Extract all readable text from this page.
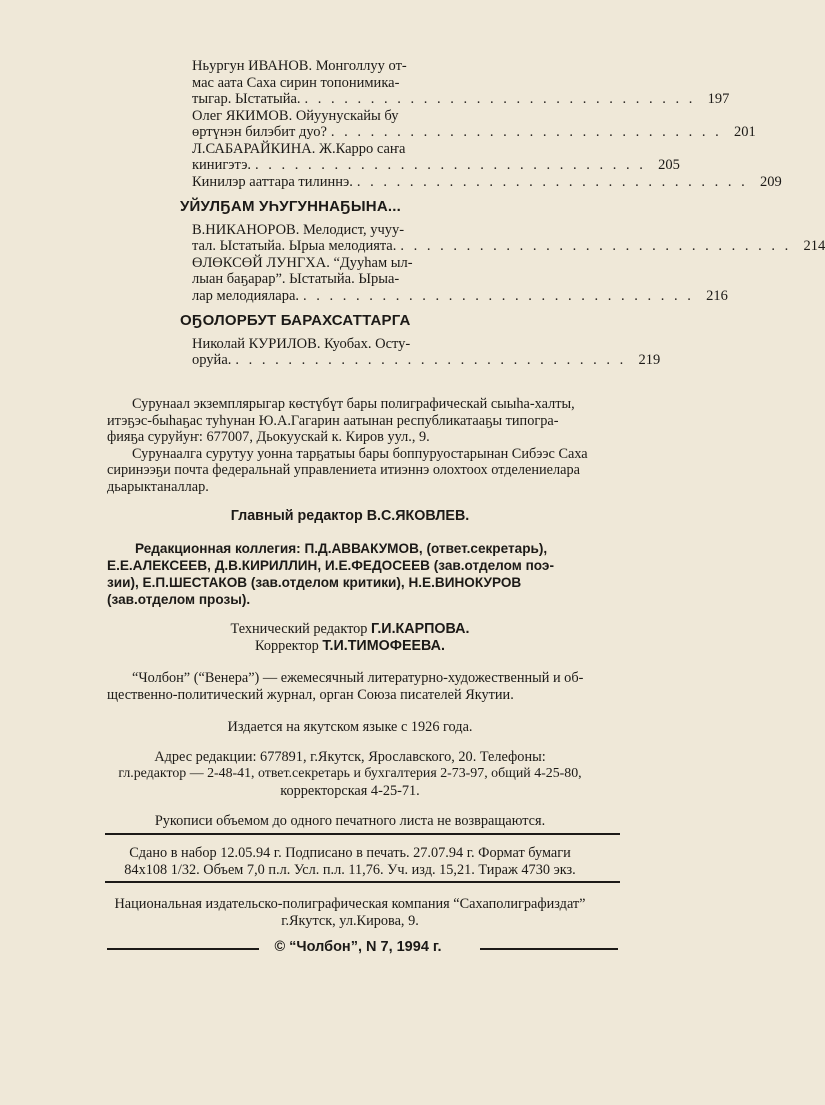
Ньургун ИВАНОВ. Монголлуу от-
мас аата Саха сирин топонимика-
тыгар. Ыстатыйа. . . . . . . . . . . . . . . . . . . . . . . . . . . . . . . 197
Олег ЯКИМОВ. Ойуунускайы бу
өртүнэн билэбит дуо? . . . . . . . . . . . . . . . . . . . . . . . . . . . . . . 201
Л.САБАРАЙКИНА. Ж.Карро саҥа
кинигэтэ. . . . . . . . . . . . . . . . . . . . . . . . . . . . . . . 205
Кинилэр ааттара тилиннэ. . . . . . . . . . . . . . . . . . . . . . . . . . . . . . . 209
УЙУЛҔАМ УҺУГУННАҔЫНА...
В.НИКАНОРОВ. Мелодист, учуу-
тал. Ыстатыйа. Ырыа мелодиятa. . . . . . . . . . . . . . . . . . . . . . . . . . . . . . . 214
ӨЛӨКСӨЙ ЛУНГХА. “Дууһам ыл-
лыан баҕарар”. Ыстатыйа. Ырыа-
лар мелодиялара. . . . . . . . . . . . . . . . . . . . . . . . . . . . . . . 216
ОҔОЛОРБУТ БАРАХСАТТАРГА
Николай КУРИЛОВ. Куобах. Осту-
оруйа. . . . . . . . . . . . . . . . . . . . . . . . . . . . . . . 219
Сурунаал экземплярыгар көстүбүт бары полиграфическай сыыһа-халты,
итэҕэс-быһаҕас туһунан Ю.А.Гагарин аатынан республикатааҕы типогра-
фияҕа суруйуҥ: 677007, Дьокуускай к. Киров уул., 9.
Сурунаалга сурутуу уонна тарҕатыы бары боппуруостарынан Сибээс Саха
сиринээҕи почта федеральнай управлениета итиэннэ олохтоох отделениелара
дьарыктаналлар.
Главный редактор В.С.ЯКОВЛЕВ.
Редакционная коллегия: П.Д.АВВАКУМОВ, (ответ.секретарь),
Е.Е.АЛЕКСЕЕВ, Д.В.КИРИЛЛИН, И.Е.ФЕДОСЕЕВ (зав.отделом поэ-
зии), Е.П.ШЕСТАКОВ (зав.отделом критики), Н.Е.ВИНОКУРОВ
(зав.отделом прозы).
Технический редактор Г.И.КАРПОВА.
Корректор Т.И.ТИМОФЕЕВА.
“Чолбон” (“Венера”) — ежемесячный литературно-художественный и об-
щественно-политический журнал, орган Союза писателей Якутии.
Издается на якутском языке с 1926 года.
Адрес редакции: 677891, г.Якутск, Ярославского, 20. Телефоны:
гл.редактор — 2-48-41, ответ.секретарь и бухгалтерия 2-73-97, общий 4-25-80,
корректорская 4-25-71.
Рукописи объемом до одного печатного листа не возвращаются.
Сдано в набор 12.05.94 г. Подписано в печать. 27.07.94 г. Формат бумаги
84х108 1/32. Объем 7,0 п.л. Усл. п.л. 11,76. Уч. изд. 15,21. Тираж 4730 экз.
Национальная издательско-полиграфическая компания “Сахаполиграфиздат”
г.Якутск, ул.Кирова, 9.
© “Чолбон”, N 7, 1994 г.
